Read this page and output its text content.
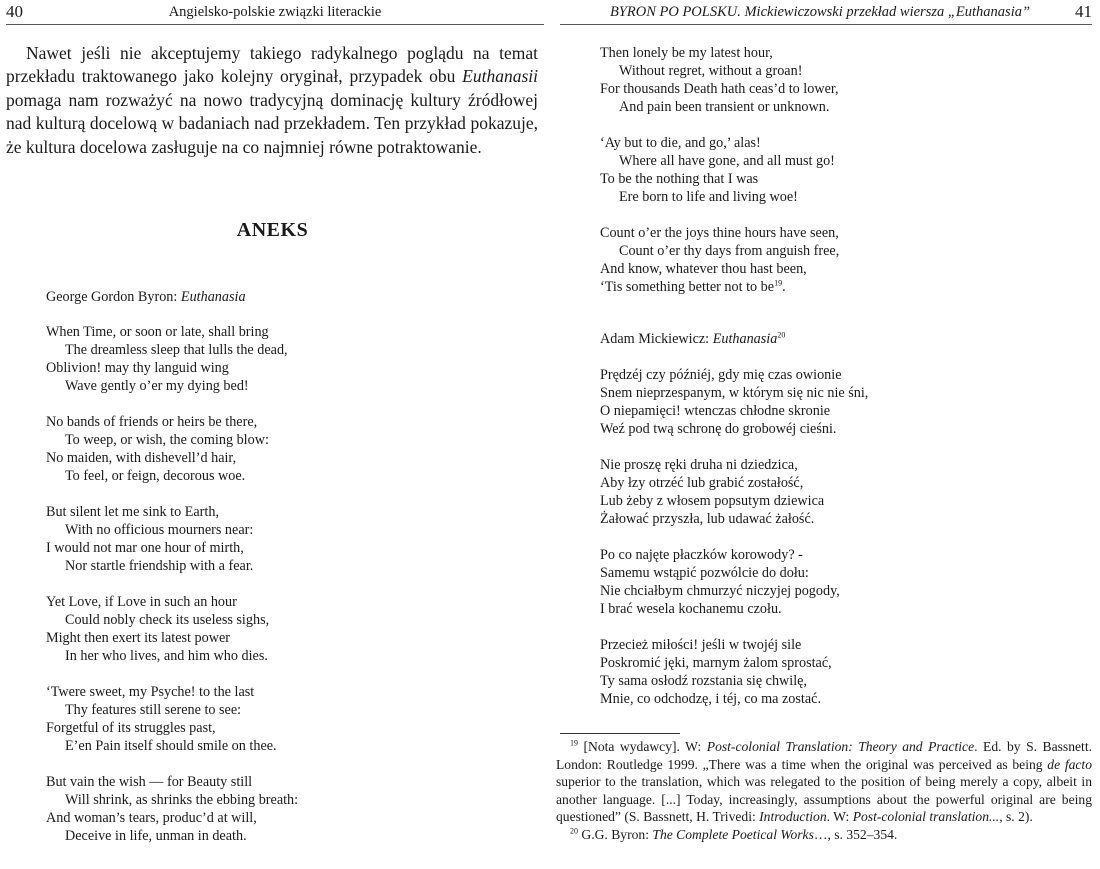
40	Angielsko-polskie związki literackie
Nawet jeśli nie akceptujemy takiego radykalnego poglądu na temat przekładu traktowanego jako kolejny oryginał, przypadek obu Euthanasii pomaga nam rozważyć na nowo tradycyjną dominację kultury źródłowej nad kulturą docelową w badaniach nad przekładem. Ten przykład pokazuje, że kultura docelowa zasługuje na co najmniej równe potraktowanie.
ANEKS
George Gordon Byron: Euthanasia
When Time, or soon or late, shall bring
The dreamless sleep that lulls the dead,
Oblivion! may thy languid wing
Wave gently o’er my dying bed!
No bands of friends or heirs be there,
To weep, or wish, the coming blow:
No maiden, with dishevell’d hair,
To feel, or feign, decorous woe.
But silent let me sink to Earth,
With no officious mourners near:
I would not mar one hour of mirth,
Nor startle friendship with a fear.
Yet Love, if Love in such an hour
Could nobly check its useless sighs,
Might then exert its latest power
In her who lives, and him who dies.
‘Twere sweet, my Psyche! to the last
Thy features still serene to see:
Forgetful of its struggles past,
E’en Pain itself should smile on thee.
But vain the wish — for Beauty still
Will shrink, as shrinks the ebbing breath:
And woman’s tears, produc’d at will,
Deceive in life, unman in death.
BYRON PO POLSKU. Mickiewiczowski przekład wiersza „Euthanasia”	41
Then lonely be my latest hour,
Without regret, without a groan!
For thousands Death hath ceas’d to lower,
And pain been transient or unknown.
‘Ay but to die, and go,’ alas!
Where all have gone, and all must go!
To be the nothing that I was
Ere born to life and living woe!
Count o’er the joys thine hours have seen,
Count o’er thy days from anguish free,
And know, whatever thou hast been,
‘Tis something better not to $be^{19}$.
Adam Mickiewicz: Euthanasia$^{20}$
Prędzéj czy późniéj, gdy mię czas owionie
Snem nieprzespanym, w którym się nic nie śni,
O niepamięci! wtenczas chłodne skronie
Weź pod twą schronę do grobowéj cieśni.
Nie proszę ręki druha ni dziedzica,
Aby łzy otrzéć lub grabić zostałość,
Lub żeby z włosem popsutym dziewica
Żałować przyszła, lub udawać żałość.
Po co najęte płaczków korowody? -
Samemu wstąpić pozwólcie do dołu:
Nie chciałbym chmurzyć niczyjej pogody,
I brać wesela kochanemu czołu.
Przecież miłości! jeśli w twojéj sile
Poskromić jęki, marnym żalom sprostać,
Ty sama osłodź rozstania się chwilę,
Mnie, co odchodzę, i téj, co ma zostać.

$^{19}$ [Nota wydawcy]. W: Post-colonial Translation: Theory and Practice. Ed. by S. Bassnett. London: Routledge 1999. „There was a time when the original was perceived as being de facto superior to the translation, which was relegated to the position of being merely a copy, albeit in another language. [...] Today, increasingly, assumptions about the powerful original are being questioned” (S. Bassnett, H. Trivedi: Introduction. W: Post-colonial translation..., s. 2).

$^{20}$ G.G. Byron: The Complete Poetical Works…, s. 352–354.
